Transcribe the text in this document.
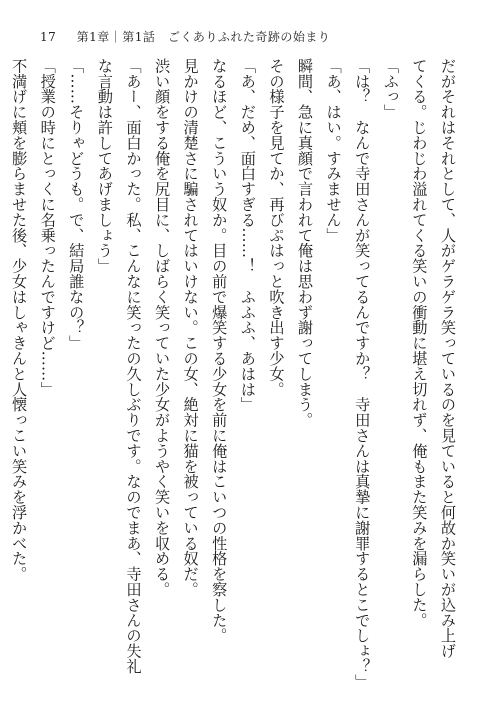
17 第1章｜第1話　ごくありふれた奇跡の始まり
だがそれはそれとして、人がゲラゲラ笑っているのを見ていると何故か笑いが込み上げ
てくる。じわじわ溢れてくる笑いの衝動に堪え切れず、俺もまた笑みを漏らした。
「ふっ」
「は？　なんで寺田さんが笑ってるんですか？　寺田さんは真摯に謝罪するとこでしょ？」
「あ、はい。すみません」
瞬間、急に真顔で言われて俺は思わず謝ってしまう。
その様子を見てか、再びぷはっと吹き出す少女。
「あ、だめ、面白すぎる……！　ふふふ、あはは」
なるほど、こういう奴か。目の前で爆笑する少女を前に俺はこいつの性格を察した。
見かけの清楚さに騙されてはいけない。この女、絶対に猫を被っている奴だ。
渋い顔をする俺を尻目に、しばらく笑っていた少女がようやく笑いを収める。
「あー、面白かった。私、こんなに笑ったの久しぶりです。なのでまあ、寺田さんの失礼
な言動は許してあげましょう」
「……そりゃどうも。で、結局誰なの？」
「授業の時にとっくに名乗ったんですけど……」
不満げに頬を膨らませた後、少女はしゃきんと人懐っこい笑みを浮かべた。
